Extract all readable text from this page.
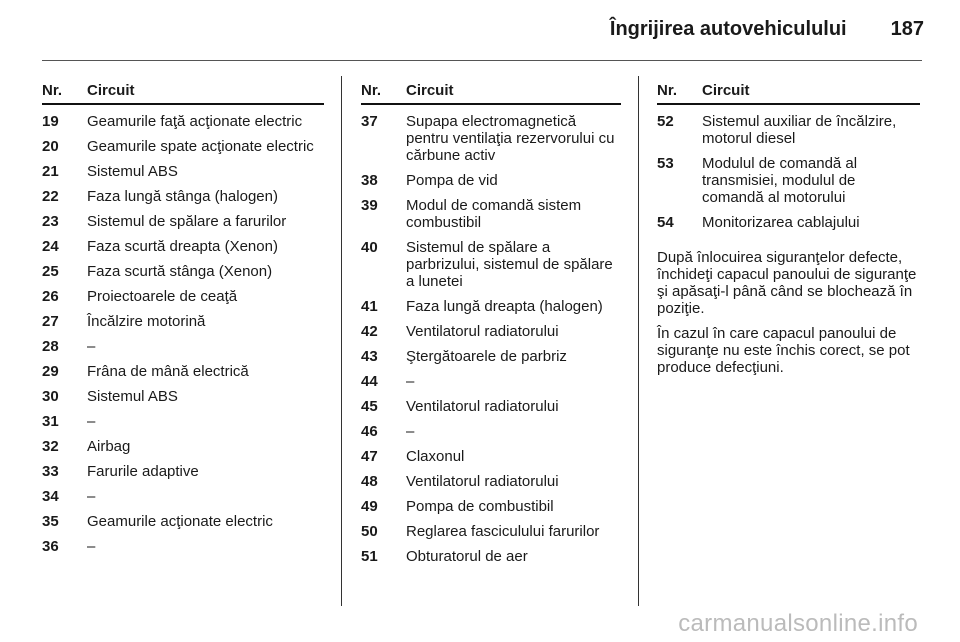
Îngrijirea autovehiculului 187
Nr.	Circuit
19	Geamurile faţă acţionate electric
20	Geamurile spate acţionate electric
21	Sistemul ABS
22	Faza lungă stânga (halogen)
23	Sistemul de spălare a farurilor
24	Faza scurtă dreapta (Xenon)
25	Faza scurtă stânga (Xenon)
26	Proiectoarele de ceaţă
27	Încălzire motorină
28	–
29	Frâna de mână electrică
30	Sistemul ABS
31	–
32	Airbag
33	Farurile adaptive
34	–
35	Geamurile acţionate electric
36	–
Nr.	Circuit
37	Supapa electromagnetică pentru ventilaţia rezervorului cu cărbune activ
38	Pompa de vid
39	Modul de comandă sistem combustibil
40	Sistemul de spălare a parbrizului, sistemul de spălare a lunetei
41	Faza lungă dreapta (halogen)
42	Ventilatorul radiatorului
43	Ştergătoarele de parbriz
44	–
45	Ventilatorul radiatorului
46	–
47	Claxonul
48	Ventilatorul radiatorului
49	Pompa de combustibil
50	Reglarea fasciculului farurilor
51	Obturatorul de aer
Nr.	Circuit
52	Sistemul auxiliar de încălzire, motorul diesel
53	Modulul de comandă al transmisiei, modulul de comandă al motorului
54	Monitorizarea cablajului

După înlocuirea siguranţelor defecte, închideţi capacul panoului de siguranţe şi apăsaţi-l până când se blochează în poziţie.

În cazul în care capacul panoului de siguranţe nu este închis corect, se pot produce defecţiuni.

carmanualsonline.info
